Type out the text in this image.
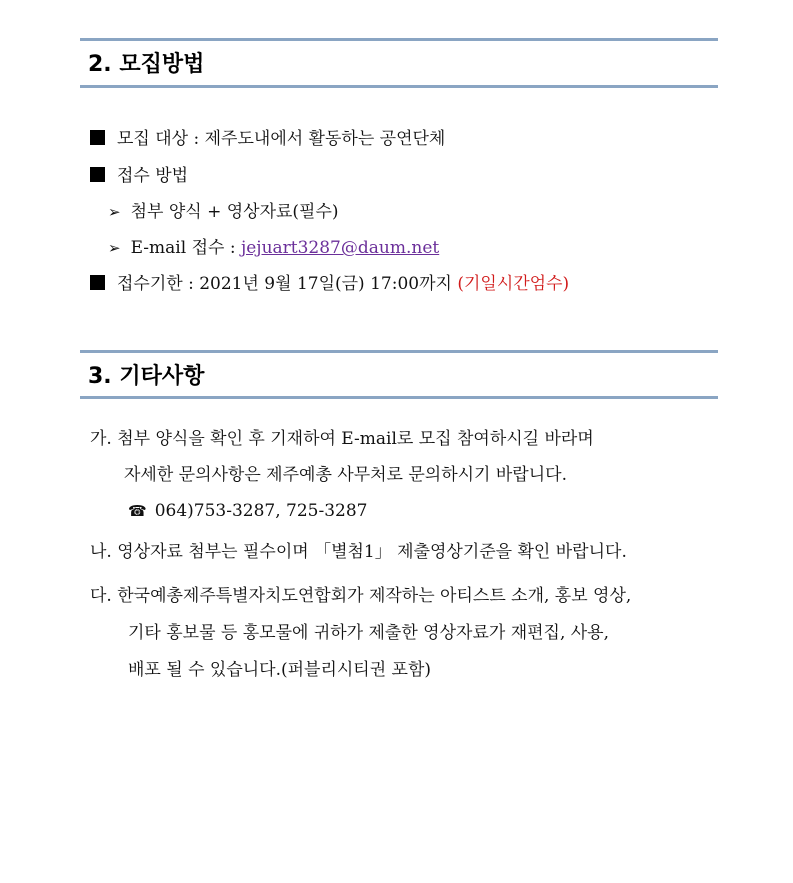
2. 모집방법
모집 대상 : 제주도내에서 활동하는 공연단체
접수 방법
➢ 첨부 양식 + 영상자료(필수)
➢ E-mail 접수 : jejuart3287@daum.net
접수기한 : 2021년 9월 17일(금) 17:00까지 (기일시간엄수)
3. 기타사항
가. 첨부 양식을 확인 후 기재하여 E-mail로 모집 참여하시길 바라며
자세한 문의사항은 제주예총 사무처로 문의하시기 바랍니다.
☎ 064)753-3287, 725-3287
나. 영상자료 첨부는 필수이며 「별첨1」 제출영상기준을 확인 바랍니다.
다. 한국예총제주특별자치도연합회가 제작하는 아티스트 소개, 홍보 영상,
기타 홍보물 등 홍모물에 귀하가 제출한 영상자료가 재편집, 사용,
배포 될 수 있습니다.(퍼블리시티권 포함)
